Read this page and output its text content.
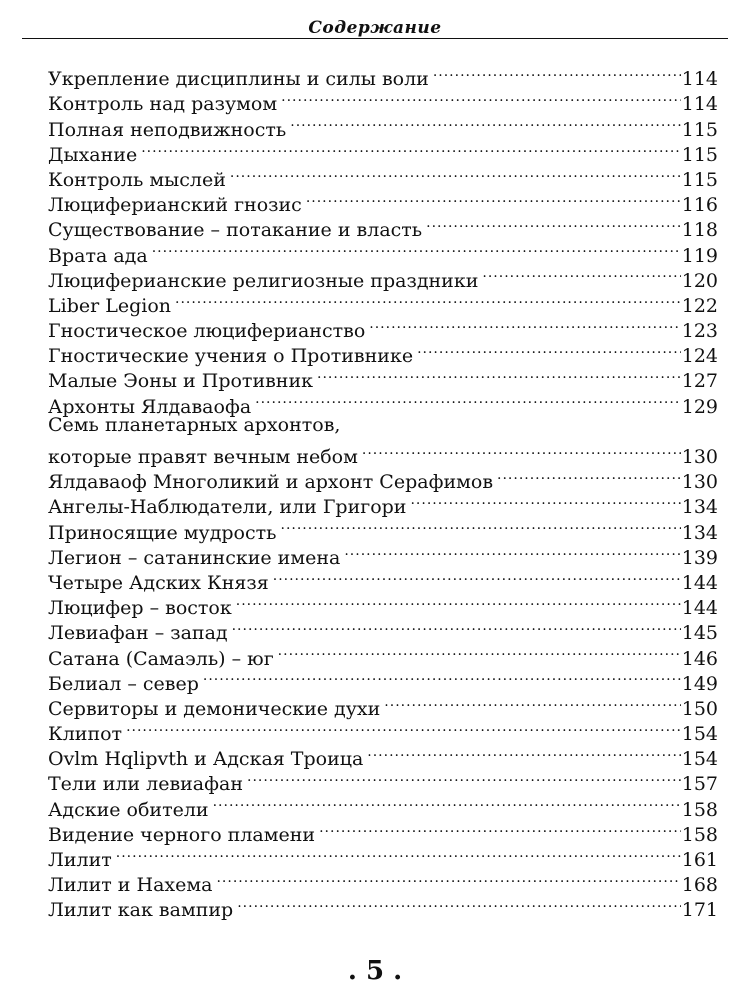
Содержание
Укрепление дисциплины и силы воли .....	114
Контроль над разумом .....	114
Полная неподвижность .....	115
Дыхание .....	115
Контроль мыслей .....	115
Люциферианский гнозис .....	116
Существование – потакание и власть .....	118
Врата ада .....	119
Люциферианские религиозные праздники .....	120
Liber Legion .....	122
Гностическое люциферианство .....	123
Гностические учения о Противнике .....	124
Малые Эоны и Противник .....	127
Архонты Ялдаваофа .....	129
Семь планетарных архонтов,
которые правят вечным небом .....	130
Ялдаваоф Многоликий и архонт Серафимов .....	130
Ангелы-Наблюдатели, или Григори .....	134
Приносящие мудрость .....	134
Легион – сатанинские имена .....	139
Четыре Адских Князя .....	144
Люцифер – восток .....	144
Левиафан – запад .....	145
Сатана (Самаэль) – юг .....	146
Белиал – север .....	149
Сервиторы и демонические духи .....	150
Клипот .....	154
Ovlm Hqlipvth и Адская Троица .....	154
Тели или левиафан .....	157
Адские обители .....	158
Видение черного пламени .....	158
Лилит .....	161
Лилит и Нахема .....	168
Лилит как вампир .....	171
. 5 .
